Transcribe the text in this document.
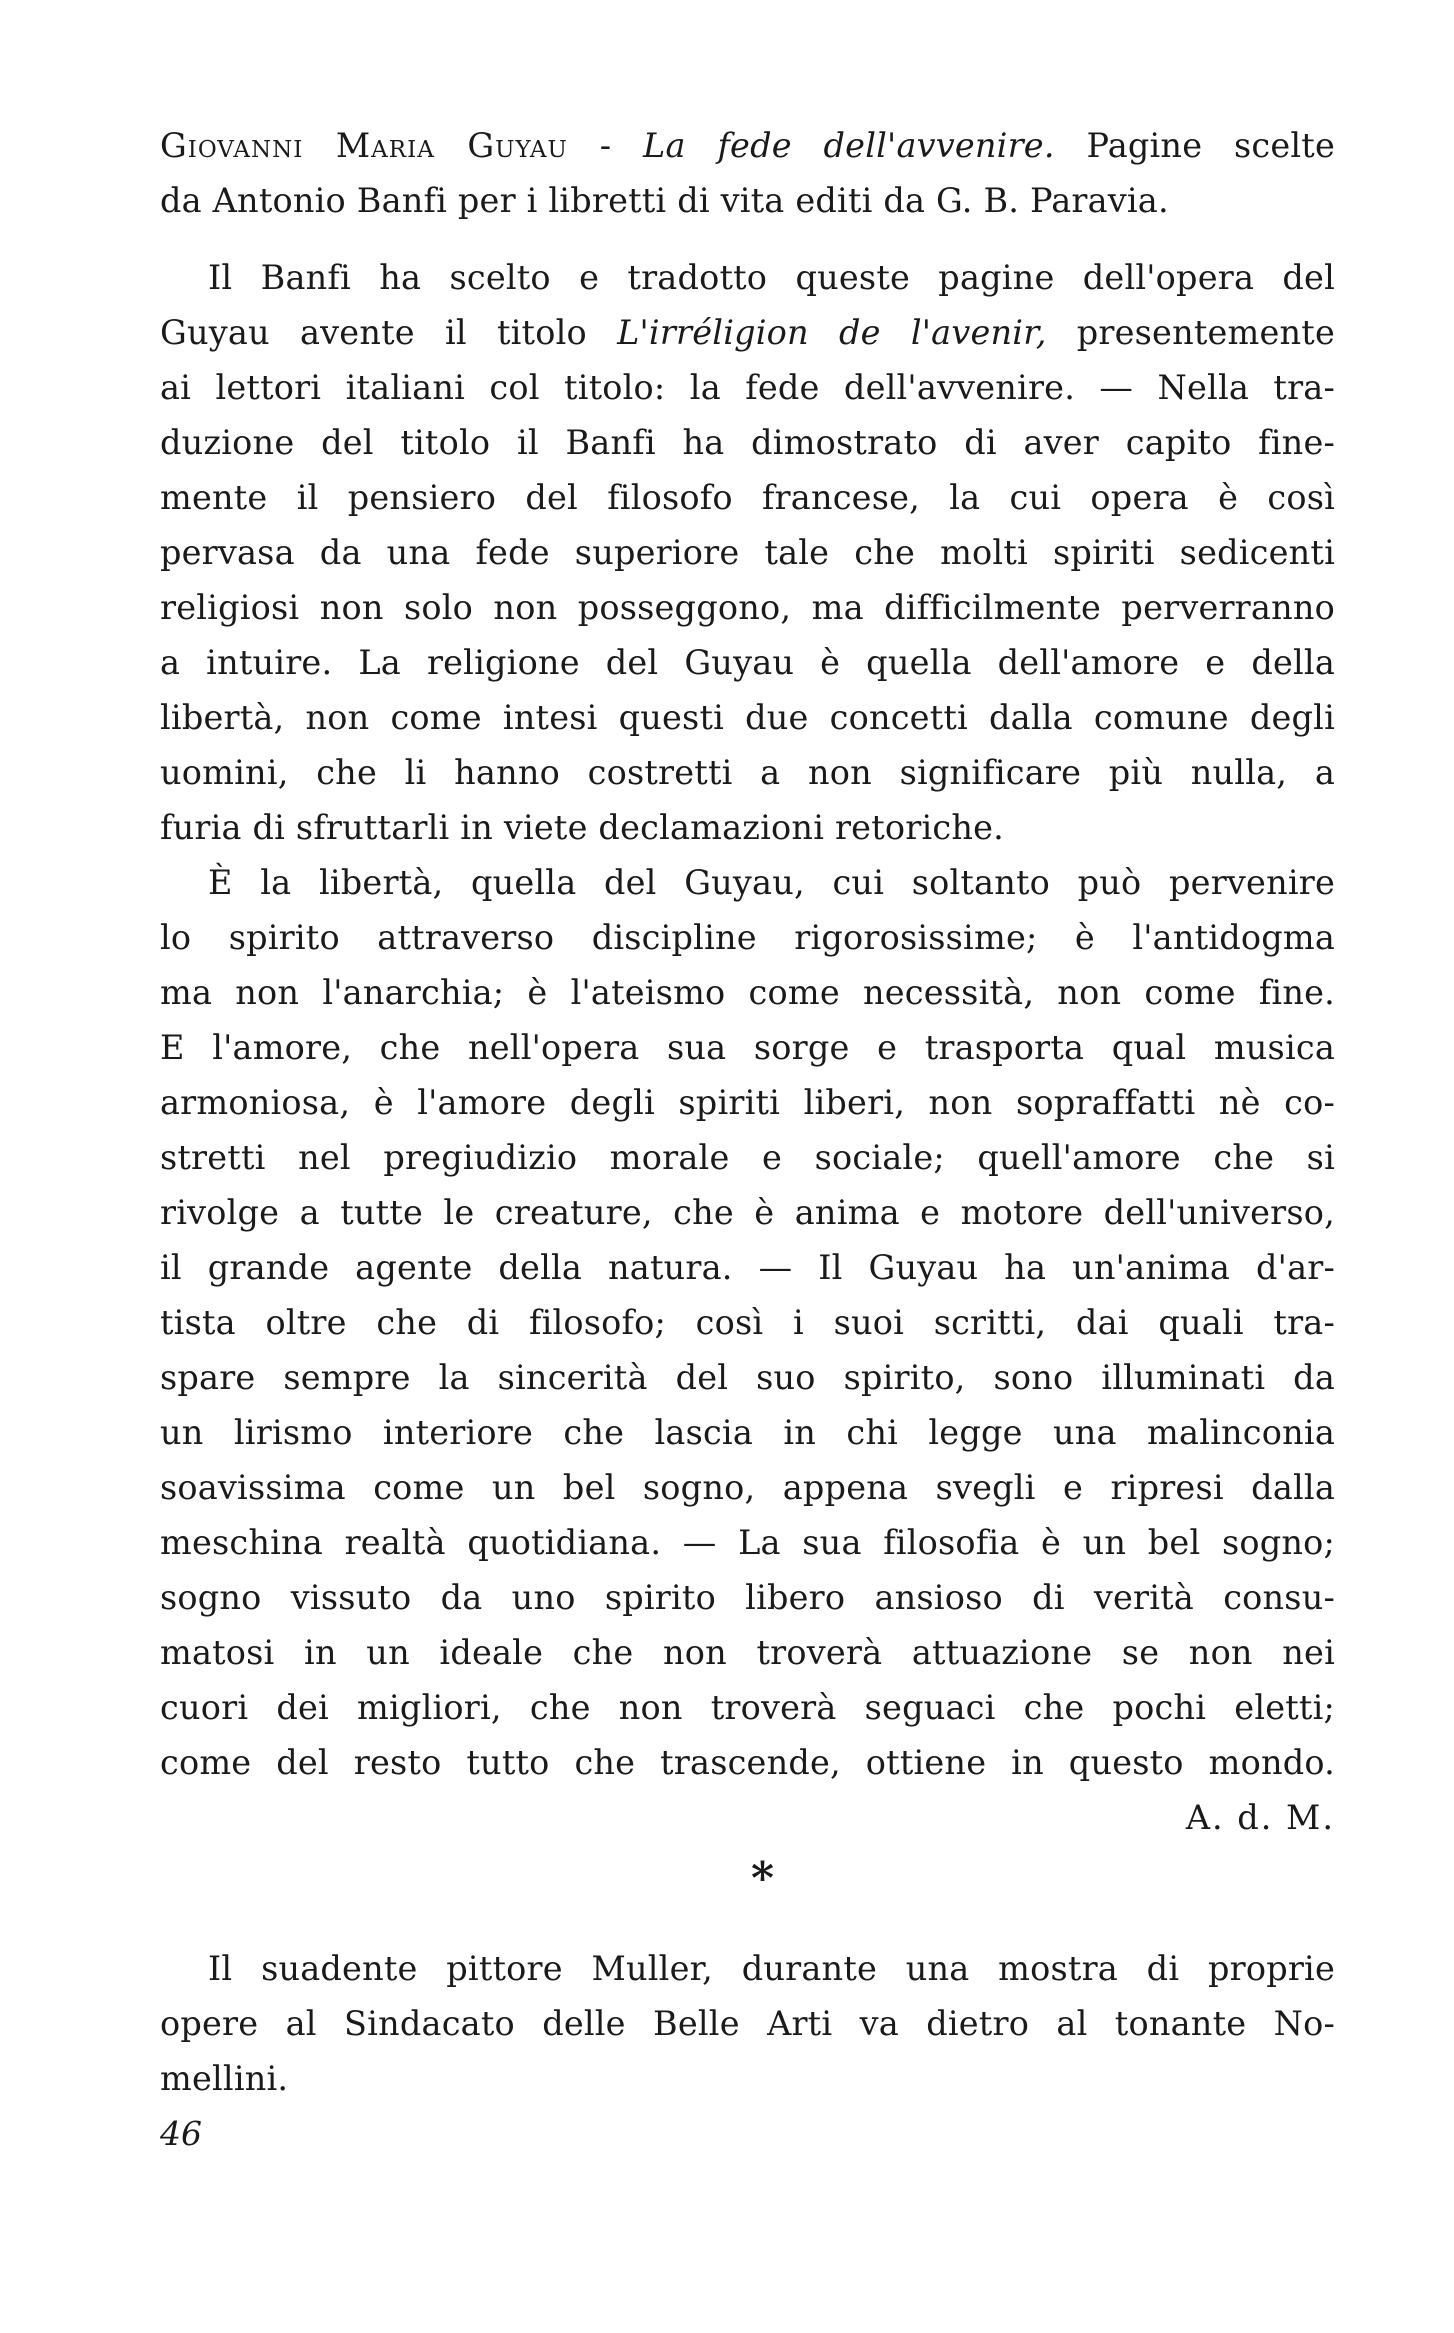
Giovanni Maria Guyau - La fede dell'avvenire. Pagine scelte
da Antonio Banfi per i libretti di vita editi da G. B. Paravia.
Il Banfi ha scelto e tradotto queste pagine dell'opera del
Guyau avente il titolo L'irréligion de l'avenir, presentemente
ai lettori italiani col titolo: la fede dell'avvenire. — Nella tra-
duzione del titolo il Banfi ha dimostrato di aver capito fine-
mente il pensiero del filosofo francese, la cui opera è così
pervasa da una fede superiore tale che molti spiriti sedicenti
religiosi non solo non posseggono, ma difficilmente perverranno
a intuire. La religione del Guyau è quella dell'amore e della
libertà, non come intesi questi due concetti dalla comune degli
uomini, che li hanno costretti a non significare più nulla, a
furia di sfruttarli in viete declamazioni retoriche.
È la libertà, quella del Guyau, cui soltanto può pervenire
lo spirito attraverso discipline rigorosissime; è l'antidogma
ma non l'anarchia; è l'ateismo come necessità, non come fine.
E l'amore, che nell'opera sua sorge e trasporta qual musica
armoniosa, è l'amore degli spiriti liberi, non sopraffatti nè co-
stretti nel pregiudizio morale e sociale; quell'amore che si
rivolge a tutte le creature, che è anima e motore dell'universo,
il grande agente della natura. — Il Guyau ha un'anima d'ar-
tista oltre che di filosofo; così i suoi scritti, dai quali tra-
spare sempre la sincerità del suo spirito, sono illuminati da
un lirismo interiore che lascia in chi legge una malinconia
soavissima come un bel sogno, appena svegli e ripresi dalla
meschina realtà quotidiana. — La sua filosofia è un bel sogno;
sogno vissuto da uno spirito libero ansioso di verità consu-
matosi in un ideale che non troverà attuazione se non nei
cuori dei migliori, che non troverà seguaci che pochi eletti;
come del resto tutto che trascende, ottiene in questo mondo.
A. d. M.
*
Il suadente pittore Muller, durante una mostra di proprie
opere al Sindacato delle Belle Arti va dietro al tonante No-
mellini.
46
